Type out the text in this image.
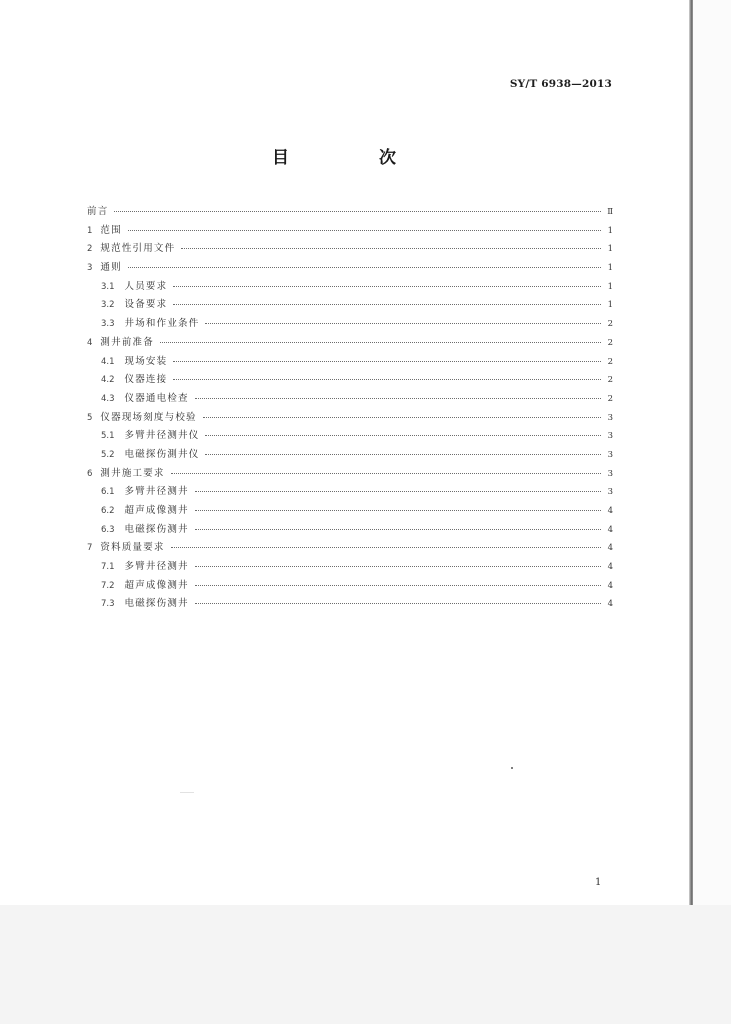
SY/T 6938—2013
目 次
前言	Ⅱ
1 范围	1
2 规范性引用文件	1
3 通则	1
3.1 人员要求	1
3.2 设备要求	1
3.3 井场和作业条件	2
4 測井前准备	2
4.1 现场安装	2
4.2 仪器连接	2
4.3 仪器通电检查	2
5 仪器现场刻度与校验	3
5.1 多臂井径测井仪	3
5.2 电磁探伤測井仪	3
6 測井施工要求	3
6.1 多臂井径测井	3
6.2 超声成像测井	4
6.3 电磁探伤测井	4
7 资料质量要求	4
7.1 多臂井径测井	4
7.2 超声成像测井	4
7.3 电磁探伤测井	4
1
